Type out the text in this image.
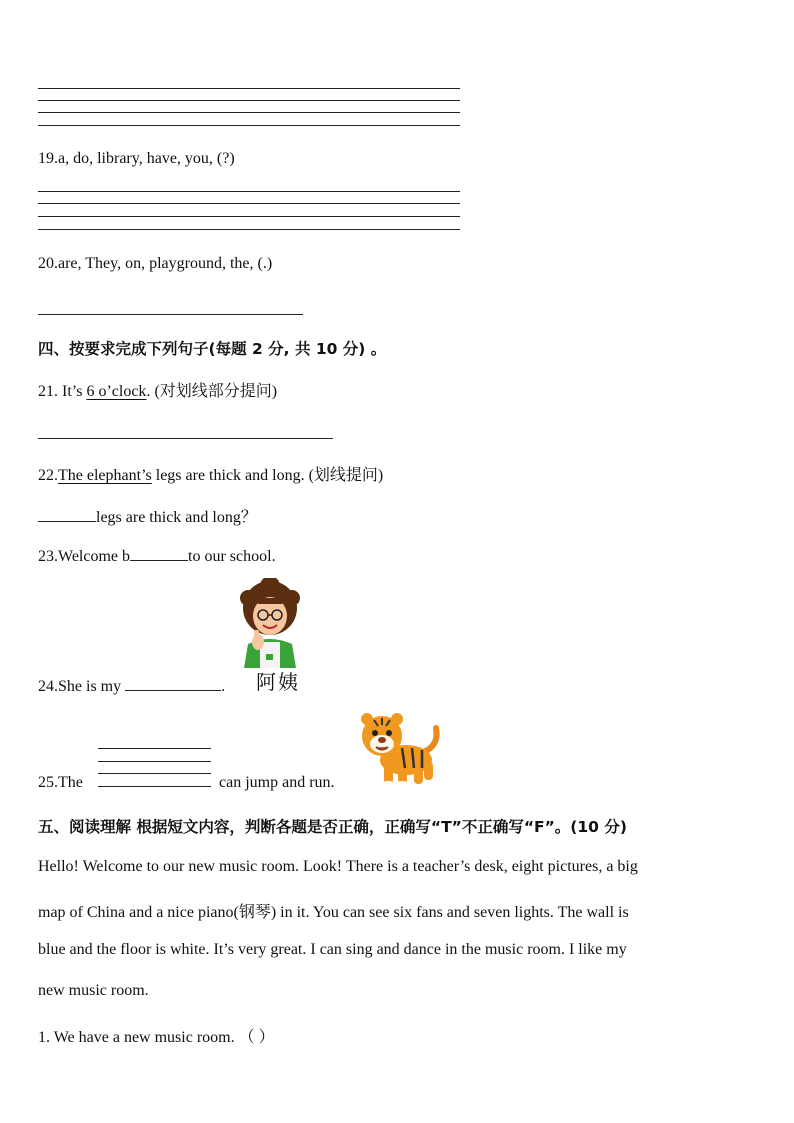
19.a, do, library, have, you, (?)
20.are, They, on, playground, the, (.)
四、按要求完成下列句子(每题 2 分, 共 10 分) 。
21. It’s 6 o’clock. (对划线部分提问)
22.The elephant’s legs are thick and long. (划线提问)
legs are thick and long？
23.Welcome b	to our school.
阿姨
24.She is my	.
25.The	can jump and run.
五、阅读理解 根据短文内容，判断各题是否正确，正确写“T”不正确写“F”。(10 分)
Hello! Welcome to our new music room. Look! There is a teacher’s desk, eight pictures, a big
map of China and a nice piano(钢琴) in it. You can see six fans and seven lights. The wall is
blue and the floor is white. It’s very great. I can sing and dance in the music room. I like my
new music room.
1. We have a new music room. （ ）
